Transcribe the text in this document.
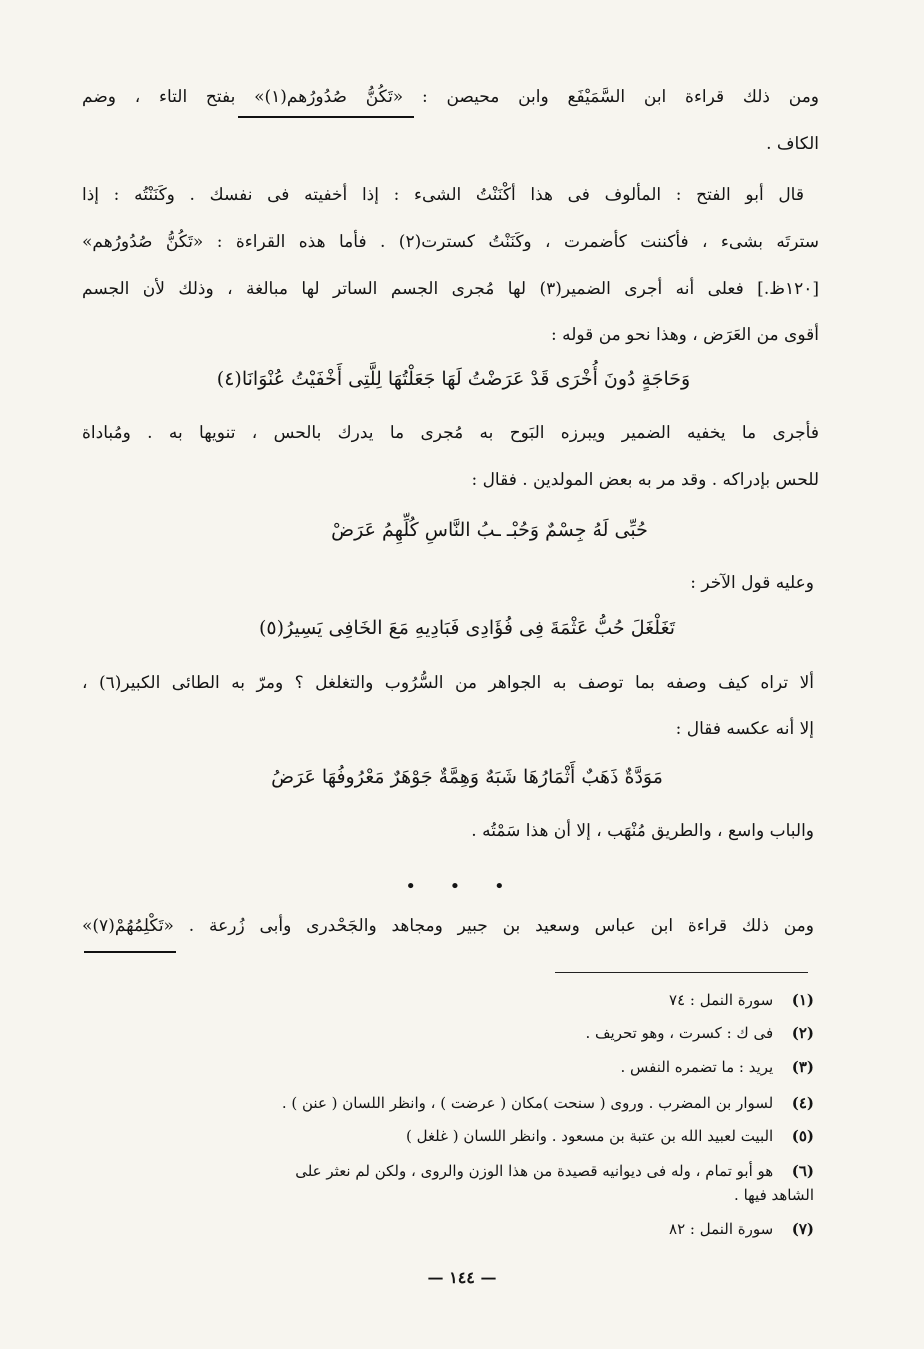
ومن ذلك قراءة ابن السَّمَيْفَع وابن محيصن : «تَكُنُّ صُدُورُهم(١)» بفتح التاء ، وضم
الكاف .
قال أبو الفتح : المألوف فى هذا أكْنَنْتُ الشىء : إذا أخفيته فى نفسك . وكَنَنْتُه : إذا
سترتَه بشىء ، فأكننت كأضمرت ، وكَنَنْتُ كسترت(٢) . فأما هذه القراءة : «تَكُنُّ صُدُورُهم»
[١٢٠ظ.] فعلى أنه أجرى الضمير(٣) لها مُجرى الجسم الساتر لها مبالغة ، وذلك لأن الجسم
أقوى من العَرَض ، وهذا نحو من قوله :
وَحَاجَةٍ دُونَ أُخْرَى قَدْ عَرَضْتُ لَهَا جَعَلْتُهَا لِلَّتِى أَخْفَيْتُ عُنْوَانَا(٤)
فأجرى ما يخفيه الضمير ويبرزه البَوح به مُجرى ما يدرك بالحس ، تنويها به . ومُباداة
للحس بإدراكه . وقد مر به بعض المولدين . فقال :
حُبِّى لَهُ جِسْمٌ وَحُبْـ ـبُ النَّاسِ كُلِّهِمُ عَرَضْ
وعليه قول الآخر :
تَغَلْغَلَ حُبُّ عَثْمَةَ فِى فُؤَادِى فَبَادِيهِ مَعَ الخَافِى يَسِيرُ(٥)
ألا تراه كيف وصفه بما توصف به الجواهر من السُّرُوب والتغلغل ؟ ومرّ به الطائى الكبير(٦) ،
إلا أنه عكسه فقال :
مَوَدَّةٌ ذَهَبٌ أَثْمَارُهَا شَبَهٌ وَهِمَّةٌ جَوْهَرٌ مَعْرُوفُهَا عَرَضُ
والباب واسع ، والطريق مُنْهَب ، إلا أن هذا سَمْتُه .
• • •
ومن ذلك قراءة ابن عباس وسعيد بن جبير ومجاهد والجَحْدرى وأبى زُرعة . «تَكْلِمُهُمْ(٧)»
(١) سورة النمل : ٧٤
(٢) فى ك : كسرت ، وهو تحريف .
(٣) يريد : ما تضمره النفس .
(٤) لسوار بن المضرب . وروى ( سنحت )مكان ( عرضت ) ، وانظر اللسان ( عنن ) .
(٥) البيت لعبيد الله بن عتبة بن مسعود . وانظر اللسان ( غلغل )
(٦) هو أبو تمام ، وله فى ديوانيه قصيدة من هذا الوزن والروى ، ولكن لم نعثر على
الشاهد فيها .
(٧) سورة النمل : ٨٢
— ١٤٤ —
